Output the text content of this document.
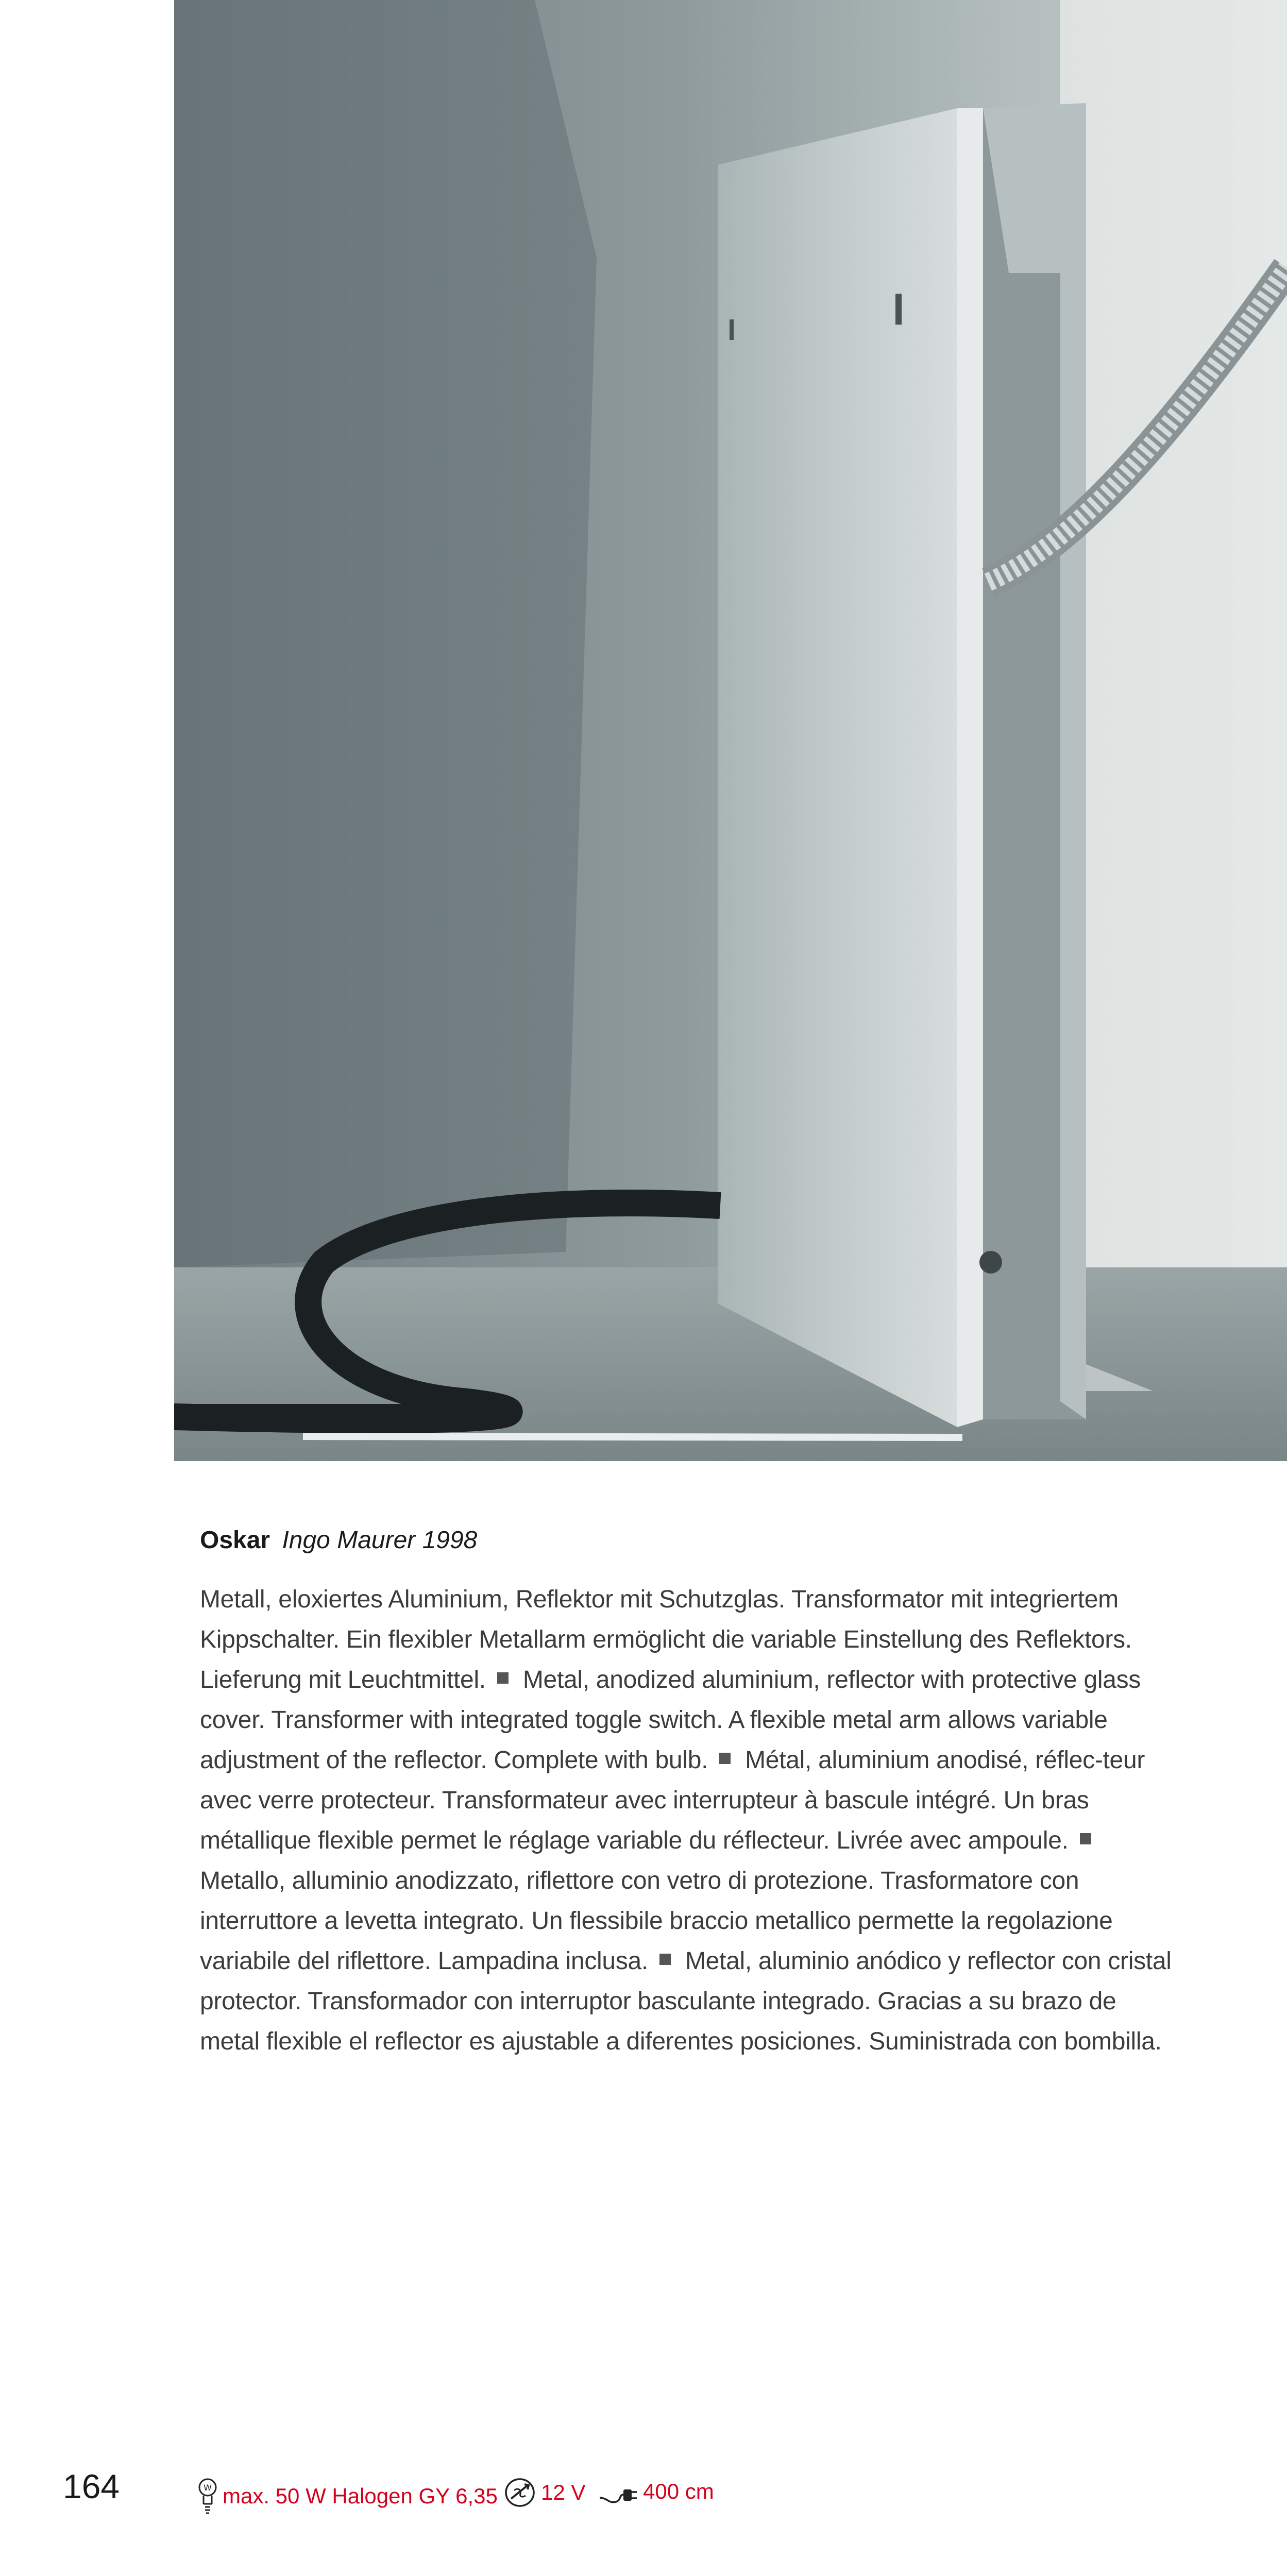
Oskar Ingo Maurer 1998

Metall, eloxiertes Aluminium, Reflektor mit Schutzglas. Transformator mit integriertem Kippschalter. Ein flexibler Metallarm ermöglicht die variable Einstellung des Reflektors. Lieferung mit Leuchtmittel. Metal, anodized aluminium, reflector with protective glass cover. Transformer with integrated toggle switch. A flexible metal arm allows variable adjustment of the reflector. Complete with bulb. Métal, aluminium anodisé, réflec-teur avec verre protecteur. Transformateur avec interrupteur à bascule intégré. Un bras métallique flexible permet le réglage variable du réflecteur. Livrée avec ampoule.Metallo, alluminio anodizzato, riflettore con vetro di protezione. Trasformatore con interruttore a levetta integrato. Un flessibile braccio metallico permette la regolazione variabile del riflettore. Lampadina inclusa. Metal, aluminio anódico y reflector con cristal protector. Transformador con interruptor basculante integrado. Gracias a su brazo de metal flexible el reflector es ajustable a diferentes posiciones. Suministrada con bombilla.

164	W max. 50 W Halogen GY 6,35 12 V	400 cm
